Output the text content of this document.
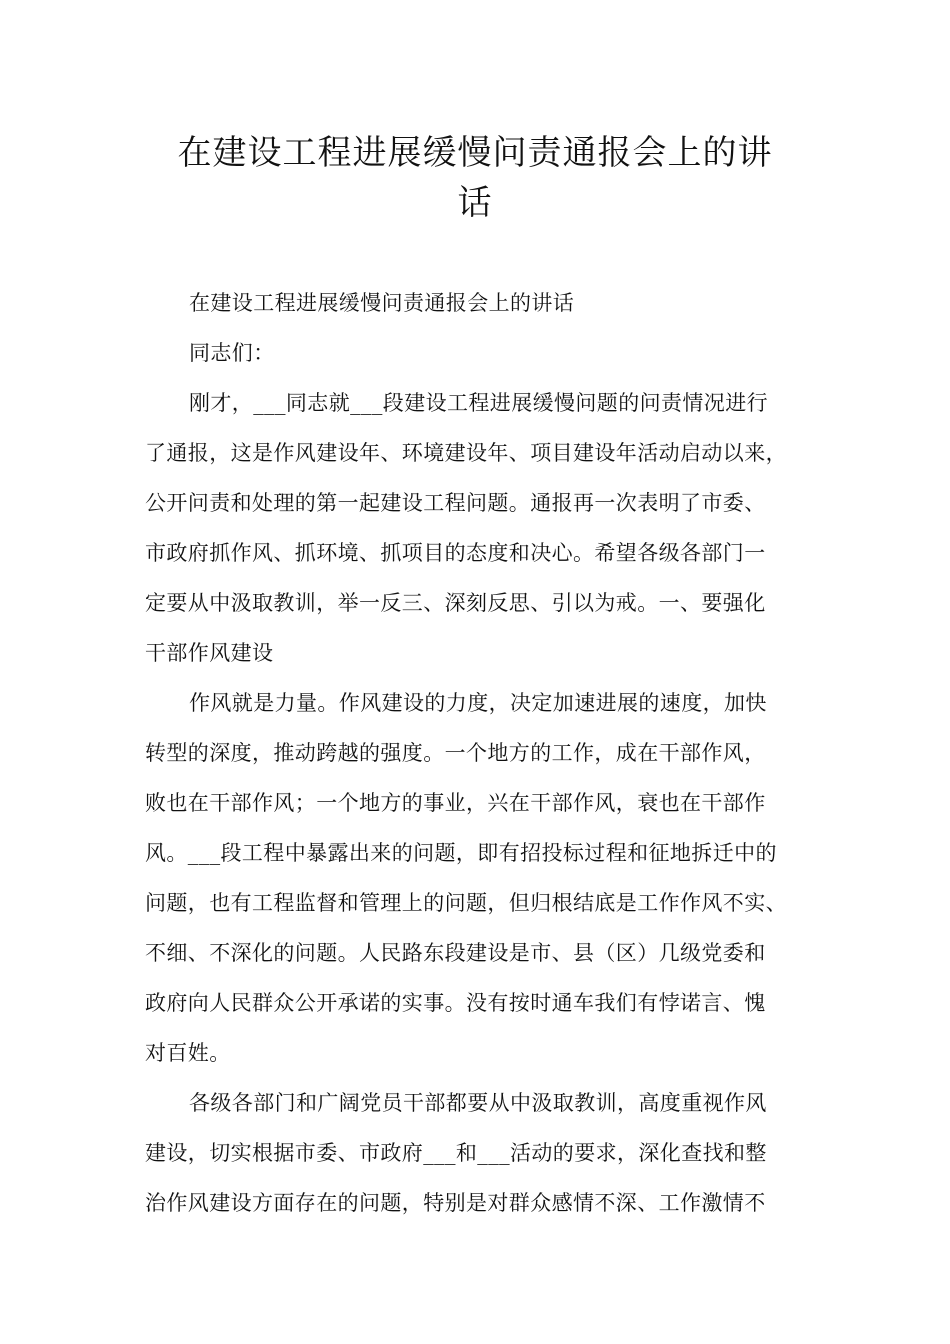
在建设工程进展缓慢问责通报会上的讲
话

在建设工程进展缓慢问责通报会上的讲话

同志们：

刚才，___同志就___段建设工程进展缓慢问题的问责情况进行
了通报，这是作风建设年、环境建设年、项目建设年活动启动以来，
公开问责和处理的第一起建设工程问题。通报再一次表明了市委、
市政府抓作风、抓环境、抓项目的态度和决心。希望各级各部门一
定要从中汲取教训，举一反三、深刻反思、引以为戒。一、要强化
干部作风建设

作风就是力量。作风建设的力度，决定加速进展的速度，加快
转型的深度，推动跨越的强度。一个地方的工作，成在干部作风，
败也在干部作风；一个地方的事业，兴在干部作风，衰也在干部作
风。___段工程中暴露出来的问题，即有招投标过程和征地拆迁中的
问题，也有工程监督和管理上的问题，但归根结底是工作作风不实、
不细、不深化的问题。人民路东段建设是市、县（区）几级党委和
政府向人民群众公开承诺的实事。没有按时通车我们有悖诺言、愧
对百姓。

各级各部门和广阔党员干部都要从中汲取教训，高度重视作风
建设，切实根据市委、市政府___和___活动的要求，深化查找和整
治作风建设方面存在的问题，特别是对群众感情不深、工作激情不
